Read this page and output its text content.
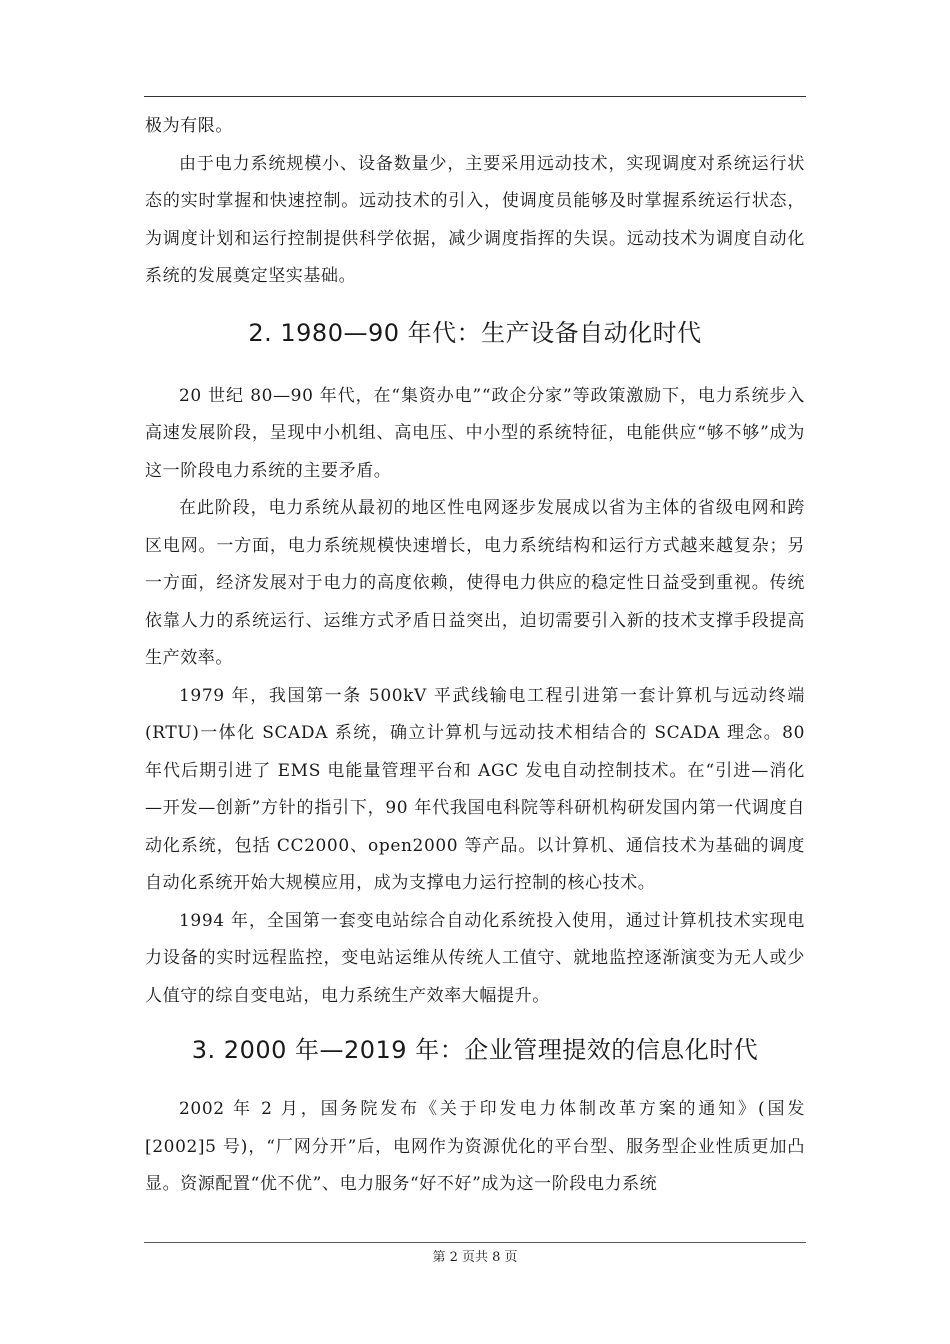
极为有限。

由于电力系统规模小、设备数量少，主要采用远动技术，实现调度对系统运行状态的实时掌握和快速控制。远动技术的引入，使调度员能够及时掌握系统运行状态，为调度计划和运行控制提供科学依据，减少调度指挥的失误。远动技术为调度自动化系统的发展奠定坚实基础。

2. 1980—90 年代：生产设备自动化时代

20 世纪 80—90 年代，在“集资办电”“政企分家”等政策激励下，电力系统步入高速发展阶段，呈现中小机组、高电压、中小型的系统特征，电能供应“够不够”成为这一阶段电力系统的主要矛盾。

在此阶段，电力系统从最初的地区性电网逐步发展成以省为主体的省级电网和跨区电网。一方面，电力系统规模快速增长，电力系统结构和运行方式越来越复杂；另一方面，经济发展对于电力的高度依赖，使得电力供应的稳定性日益受到重视。传统依靠人力的系统运行、运维方式矛盾日益突出，迫切需要引入新的技术支撑手段提高生产效率。

1979 年，我国第一条 500kV 平武线输电工程引进第一套计算机与远动终端(RTU)一体化 SCADA 系统，确立计算机与远动技术相结合的 SCADA 理念。80 年代后期引进了 EMS 电能量管理平台和 AGC 发电自动控制技术。在“引进—消化—开发—创新”方针的指引下，90 年代我国电科院等科研机构研发国内第一代调度自动化系统，包括 CC2000、open2000 等产品。以计算机、通信技术为基础的调度自动化系统开始大规模应用，成为支撑电力运行控制的核心技术。

1994 年，全国第一套变电站综合自动化系统投入使用，通过计算机技术实现电力设备的实时远程监控，变电站运维从传统人工值守、就地监控逐渐演变为无人或少人值守的综自变电站，电力系统生产效率大幅提升。

3. 2000 年—2019 年：企业管理提效的信息化时代

2002 年 2 月，国务院发布《关于印发电力体制改革方案的通知》(国发[2002]5 号)，“厂网分开”后，电网作为资源优化的平台型、服务型企业性质更加凸显。资源配置“优不优”、电力服务“好不好”成为这一阶段电力系统

第 2 页共 8 页
